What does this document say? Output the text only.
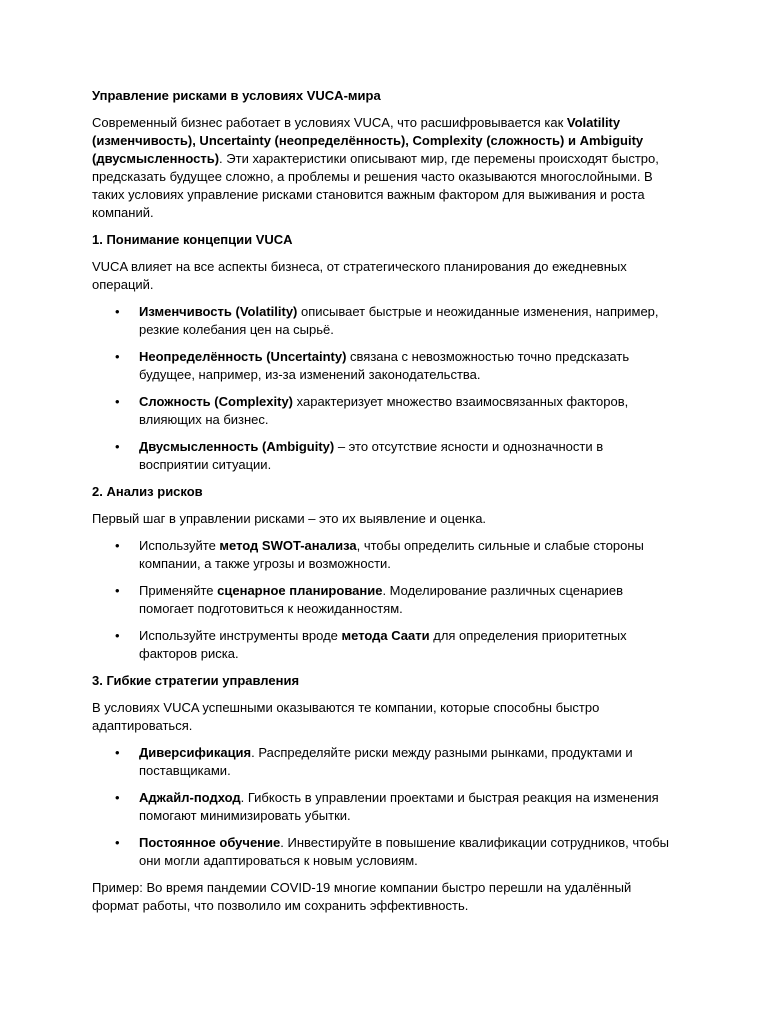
Управление рисками в условиях VUCA-мира

Современный бизнес работает в условиях VUCA, что расшифровывается как Volatility (изменчивость), Uncertainty (неопределённость), Complexity (сложность) и Ambiguity (двусмысленность). Эти характеристики описывают мир, где перемены происходят быстро, предсказать будущее сложно, а проблемы и решения часто оказываются многослойными. В таких условиях управление рисками становится важным фактором для выживания и роста компаний.

1. Понимание концепции VUCA

VUCA влияет на все аспекты бизнеса, от стратегического планирования до ежедневных операций.

• Изменчивость (Volatility) описывает быстрые и неожиданные изменения, например, резкие колебания цен на сырьё.
• Неопределённость (Uncertainty) связана с невозможностью точно предсказать будущее, например, из-за изменений законодательства.
• Сложность (Complexity) характеризует множество взаимосвязанных факторов, влияющих на бизнес.
• Двусмысленность (Ambiguity) – это отсутствие ясности и однозначности в восприятии ситуации.
2. Анализ рисков

Первый шаг в управлении рисками – это их выявление и оценка.

• Используйте метод SWOT-анализа, чтобы определить сильные и слабые стороны компании, а также угрозы и возможности.
• Применяйте сценарное планирование. Моделирование различных сценариев помогает подготовиться к неожиданностям.
• Используйте инструменты вроде метода Саати для определения приоритетных факторов риска.
3. Гибкие стратегии управления

В условиях VUCA успешными оказываются те компании, которые способны быстро адаптироваться.

• Диверсификация. Распределяйте риски между разными рынками, продуктами и поставщиками.
• Аджайл-подход. Гибкость в управлении проектами и быстрая реакция на изменения помогают минимизировать убытки.
• Постоянное обучение. Инвестируйте в повышение квалификации сотрудников, чтобы они могли адаптироваться к новым условиям.

Пример: Во время пандемии COVID-19 многие компании быстро перешли на удалённый формат работы, что позволило им сохранить эффективность.
